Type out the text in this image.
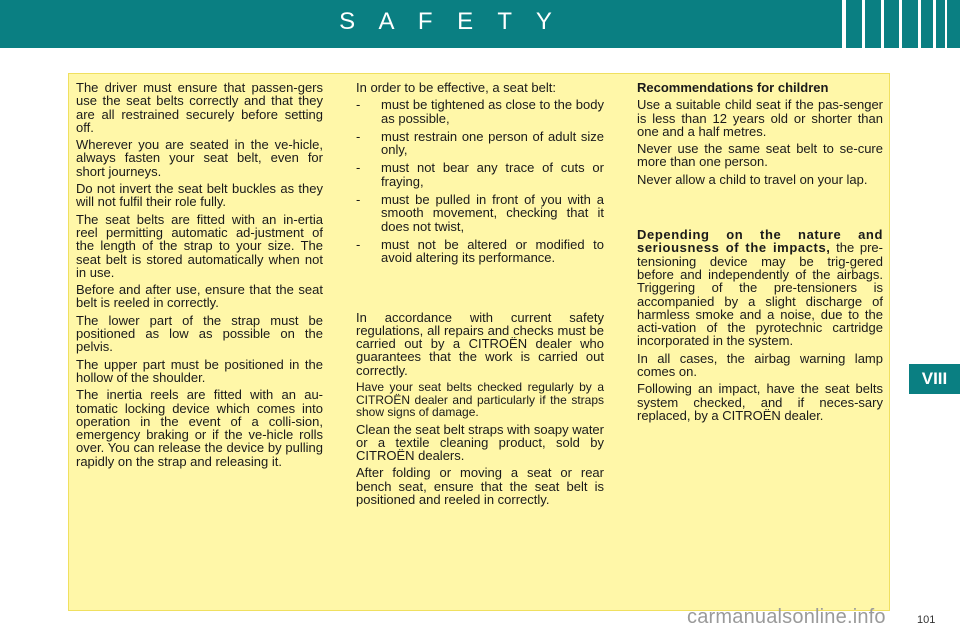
S A F E T Y

The driver must ensure that passen-gers use the seat belts correctly and that they are all restrained securely before setting off.

Wherever you are seated in the ve-hicle, always fasten your seat belt, even for short journeys.

Do not invert the seat belt buckles as they will not fulfil their role fully.

The seat belts are fitted with an in-ertia reel permitting automatic ad-justment of the length of the strap to your size. The seat belt is stored automatically when not in use.

Before and after use, ensure that the seat belt is reeled in correctly.

The lower part of the strap must be positioned as low as possible on the pelvis.

The upper part must be positioned in the hollow of the shoulder.

The inertia reels are fitted with an au-tomatic locking device which comes into operation in the event of a colli-sion, emergency braking or if the ve-hicle rolls over. You can release the device by pulling rapidly on the strap and releasing it.

In order to be effective, a seat belt:

- must be tightened as close to the body as possible,
- must restrain one person of adult size only,
- must not bear any trace of cuts or fraying,
- must be pulled in front of you with a smooth movement, checking that it does not twist,
- must not be altered or modified to avoid altering its performance.

In accordance with current safety regulations, all repairs and checks must be carried out by a CITROËN dealer who guarantees that the work is carried out correctly.

Have your seat belts checked regularly by a CITROËN dealer and particularly if the straps show signs of damage.

Clean the seat belt straps with soapy water or a textile cleaning product, sold by CITROËN dealers.

After folding or moving a seat or rear bench seat, ensure that the seat belt is positioned and reeled in correctly.

Recommendations for children

Use a suitable child seat if the pas-senger is less than 12 years old or shorter than one and a half metres.

Never use the same seat belt to se-cure more than one person.

Never allow a child to travel on your lap.

Depending on the nature and seriousness of the impacts, the pre-tensioning device may be trig-gered before and independently of the airbags. Triggering of the pre-tensioners is accompanied by a slight discharge of harmless smoke and a noise, due to the acti-vation of the pyrotechnic cartridge incorporated in the system.

In all cases, the airbag warning lamp comes on.

Following an impact, have the seat belts system checked, and if neces-sary replaced, by a CITROËN dealer.

VIII
carmanualsonline.info	101
